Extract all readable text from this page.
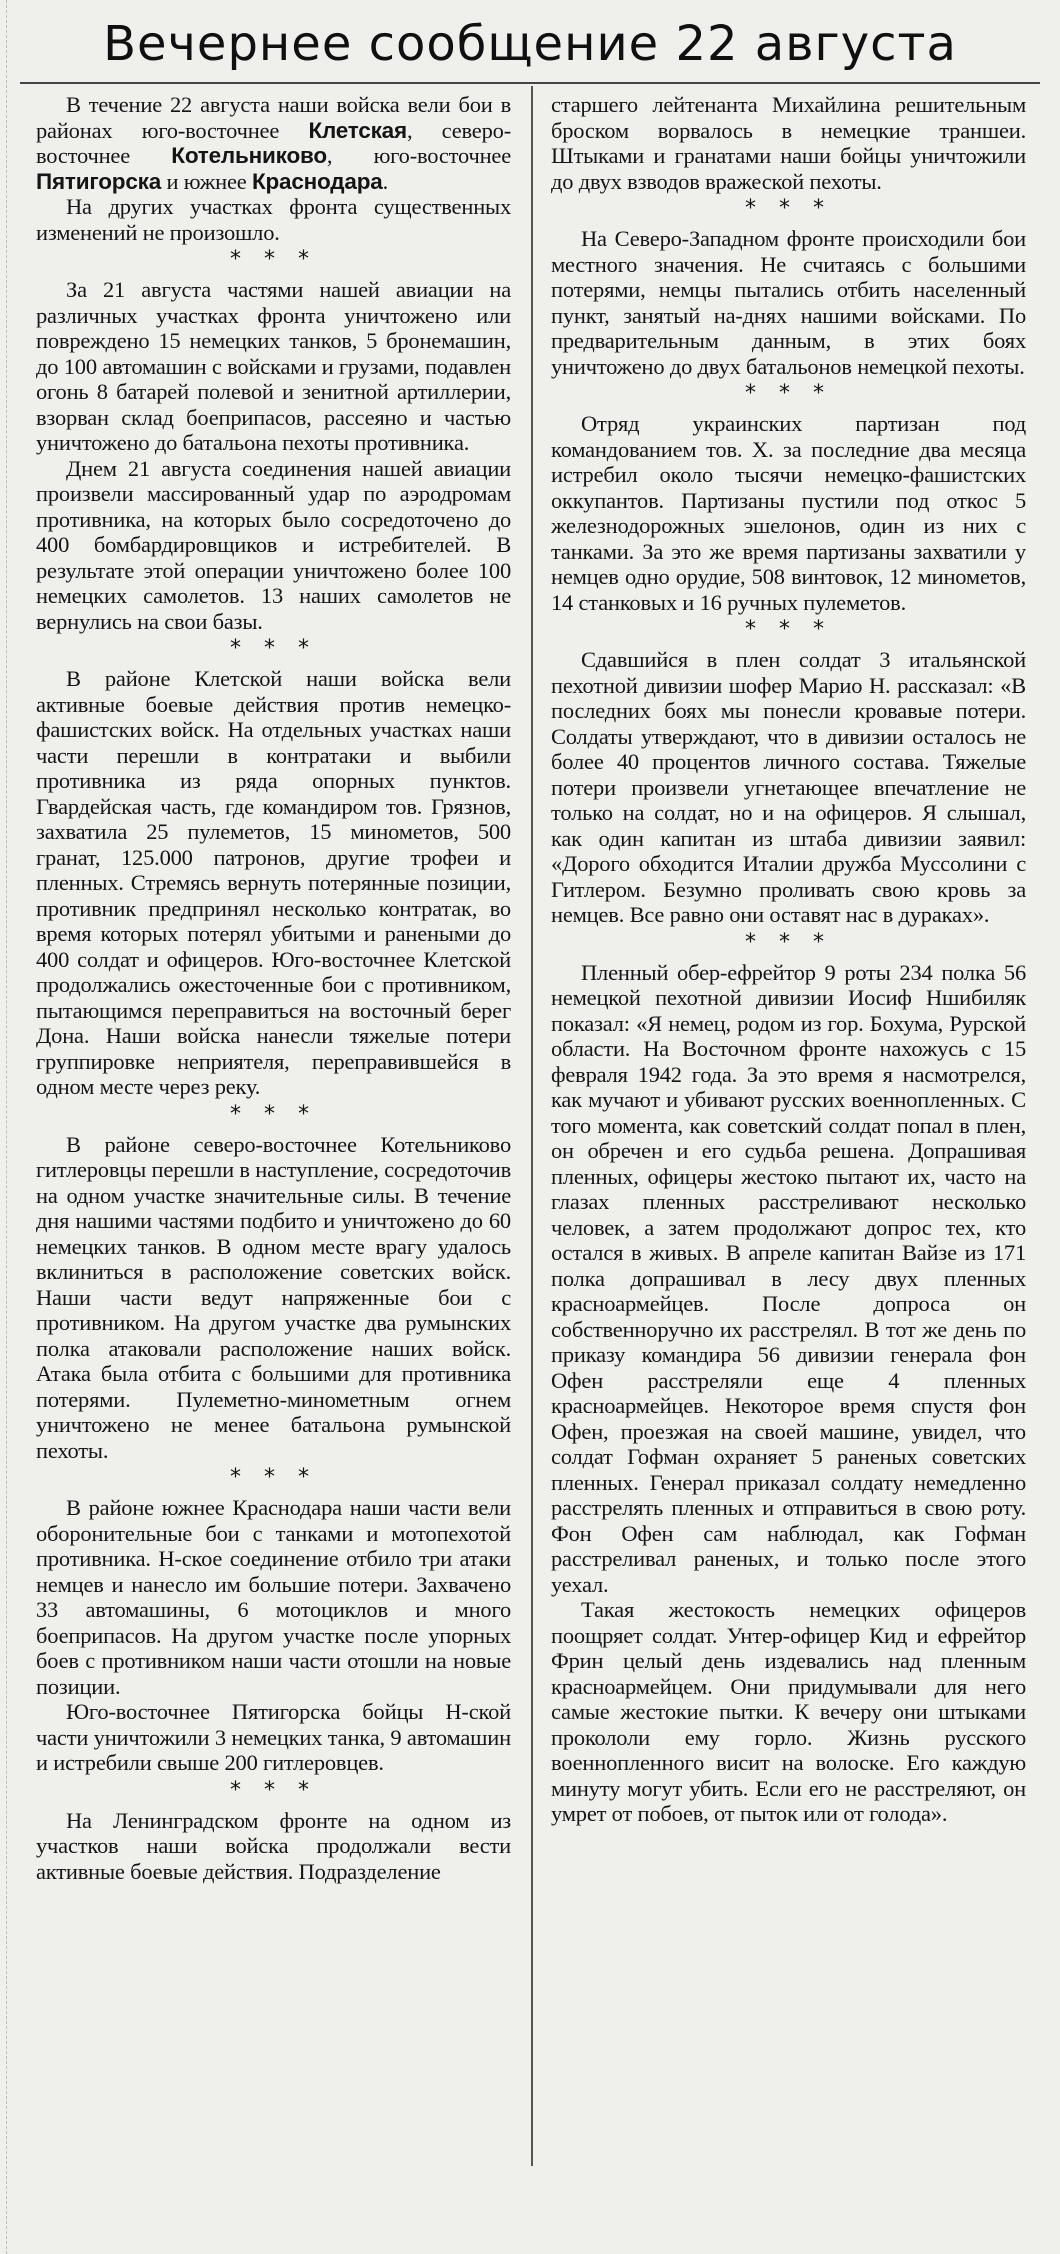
Вечернее сообщение 22 августа

В течение 22 августа наши войска вели бои в районах юго-восточнее Клетская, северо-восточнее Котельниково, юго-восточнее Пятигорска и южнее Краснодара.

На других участках фронта существенных изменений не произошло.

* * *

За 21 августа частями нашей авиации на различных участках фронта уничтожено или повреждено 15 немецких танков, 5 бронемашин, до 100 автомашин с войсками и грузами, подавлен огонь 8 батарей полевой и зенитной артиллерии, взорван склад боеприпасов, рассеяно и частью уничтожено до батальона пехоты противника.

Днем 21 августа соединения нашей авиации произвели массированный удар по аэродромам противника, на которых было сосредоточено до 400 бомбардировщиков и истребителей. В результате этой операции уничтожено более 100 немецких самолетов. 13 наших самолетов не вернулись на свои базы.

* * *

В районе Клетской наши войска вели активные боевые действия против немецко-фашистских войск. На отдельных участках наши части перешли в контратаки и выбили противника из ряда опорных пунктов. Гвардейская часть, где командиром тов. Грязнов, захватила 25 пулеметов, 15 минометов, 500 гранат, 125.000 патронов, другие трофеи и пленных. Стремясь вернуть потерянные позиции, противник предпринял несколько контратак, во время которых потерял убитыми и ранеными до 400 солдат и офицеров. Юго-восточнее Клетской продолжались ожесточенные бои с противником, пытающимся переправиться на восточный берег Дона. Наши войска нанесли тяжелые потери группировке неприятеля, переправившейся в одном месте через реку.

* * *

В районе северо-восточнее Котельниково гитлеровцы перешли в наступление, сосредоточив на одном участке значительные силы. В течение дня нашими частями подбито и уничтожено до 60 немецких танков. В одном месте врагу удалось вклиниться в расположение советских войск. Наши части ведут напряженные бои с противником. На другом участке два румынских полка атаковали расположение наших войск. Атака была отбита с большими для противника потерями. Пулеметно-минометным огнем уничтожено не менее батальона румынской пехоты.

* * *

В районе южнее Краснодара наши части вели оборонительные бои с танками и мотопехотой противника. Н-ское соединение отбило три атаки немцев и нанесло им большие потери. Захвачено 33 автомашины, 6 мотоциклов и много боеприпасов. На другом участке после упорных боев с противником наши части отошли на новые позиции.

Юго-восточнее Пятигорска бойцы Н-ской части уничтожили 3 немецких танка, 9 автомашин и истребили свыше 200 гитлеровцев.

* * *

На Ленинградском фронте на одном из участков наши войска продолжали вести активные боевые действия. Подразделение

старшего лейтенанта Михайлина решительным броском ворвалось в немецкие траншеи. Штыками и гранатами наши бойцы уничтожили до двух взводов вражеской пехоты.

* * *

На Северо-Западном фронте происходили бои местного значения. Не считаясь с большими потерями, немцы пытались отбить населенный пункт, занятый на-днях нашими войсками. По предварительным данным, в этих боях уничтожено до двух батальонов немецкой пехоты.

* * *

Отряд украинских партизан под командованием тов. Х. за последние два месяца истребил около тысячи немецко-фашистских оккупантов. Партизаны пустили под откос 5 железнодорожных эшелонов, один из них с танками. За это же время партизаны захватили у немцев одно орудие, 508 винтовок, 12 минометов, 14 станковых и 16 ручных пулеметов.

* * *

Сдавшийся в плен солдат 3 итальянской пехотной дивизии шофер Марио Н. рассказал: «В последних боях мы понесли кровавые потери. Солдаты утверждают, что в дивизии осталось не более 40 процентов личного состава. Тяжелые потери произвели угнетающее впечатление не только на солдат, но и на офицеров. Я слышал, как один капитан из штаба дивизии заявил: «Дорого обходится Италии дружба Муссолини с Гитлером. Безумно проливать свою кровь за немцев. Все равно они оставят нас в дураках».

* * *

Пленный обер-ефрейтор 9 роты 234 полка 56 немецкой пехотной дивизии Иосиф Ншибиляк показал: «Я немец, родом из гор. Бохума, Рурской области. На Восточном фронте нахожусь с 15 февраля 1942 года. За это время я насмотрелся, как мучают и убивают русских военнопленных. С того момента, как советский солдат попал в плен, он обречен и его судьба решена. Допрашивая пленных, офицеры жестоко пытают их, часто на глазах пленных расстреливают несколько человек, а затем продолжают допрос тех, кто остался в живых. В апреле капитан Вайзе из 171 полка допрашивал в лесу двух пленных красноармейцев. После допроса он собственноручно их расстрелял. В тот же день по приказу командира 56 дивизии генерала фон Офен расстреляли еще 4 пленных красноармейцев. Некоторое время спустя фон Офен, проезжая на своей машине, увидел, что солдат Гофман охраняет 5 раненых советских пленных. Генерал приказал солдату немедленно расстрелять пленных и отправиться в свою роту. Фон Офен сам наблюдал, как Гофман расстреливал раненых, и только после этого уехал.

Такая жестокость немецких офицеров поощряет солдат. Унтер-офицер Кид и ефрейтор Фрин целый день издевались над пленным красноармейцем. Они придумывали для него самые жестокие пытки. К вечеру они штыками прокололи ему горло. Жизнь русского военнопленного висит на волоске. Его каждую минуту могут убить. Если его не расстреляют, он умрет от побоев, от пыток или от голода».
